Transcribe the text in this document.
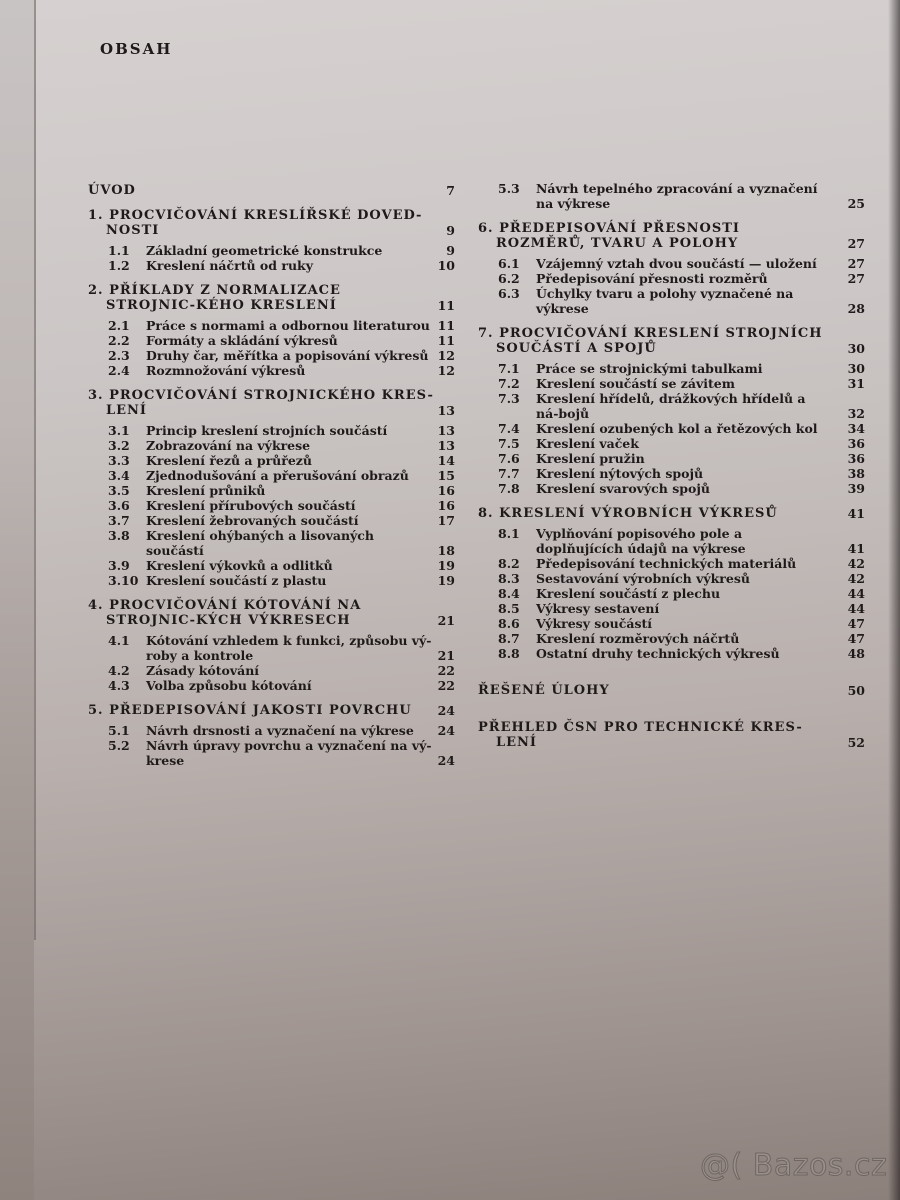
OBSAH
ÚVOD	7
1. PROCVIČOVÁNÍ KRESLÍŘSKÉ DOVED-NOSTI	9
1.1 Základní geometrické konstrukce	9
1.2 Kreslení náčrtů od ruky	10
2. PŘÍKLADY Z NORMALIZACE STROJNIC-KÉHO KRESLENÍ	11
2.1 Práce s normami a odbornou literaturou 11
2.2 Formáty a skládání výkresů	11
2.3 Druhy čar, měřítka a popisování výkresů 12
2.4 Rozmnožování výkresů	12
3. PROCVIČOVÁNÍ STROJNICKÉHO KRES-LENÍ	13
3.1 Princip kreslení strojních součástí	13
3.2 Zobrazování na výkrese	13
3.3 Kreslení řezů a průřezů	14
3.4 Zjednodušování a přerušování obrazů	15
3.5 Kreslení průniků	16
3.6 Kreslení přírubových součástí	16
3.7 Kreslení žebrovaných součástí	17
3.8 Kreslení ohýbaných a lisovaných součástí	18
3.9 Kreslení výkovků a odlitků	19
3.10 Kreslení součástí z plastu	19
4. PROCVIČOVÁNÍ KÓTOVÁNÍ NA STROJNIC-KÝCH VÝKRESECH	21
4.1 Kótování vzhledem k funkci, způsobu vý-roby a kontrole	21
4.2 Zásady kótování	22
4.3 Volba způsobu kótování	22
5. PŘEDEPISOVÁNÍ JAKOSTI POVRCHU	24
5.1 Návrh drsnosti a vyznačení na výkrese	24
5.2 Návrh úpravy povrchu a vyznačení na vý-krese	24
5.3 Návrh tepelného zpracování a vyznačení na výkrese	25
6. PŘEDEPISOVÁNÍ PŘESNOSTI ROZMĚRŮ, TVARU A POLOHY	27
6.1 Vzájemný vztah dvou součástí — uložení	27
6.2 Předepisování přesnosti rozměrů	27
6.3 Úchylky tvaru a polohy vyznačené na výkrese	28
7. PROCVIČOVÁNÍ KRESLENÍ STROJNÍCH SOUČÁSTÍ A SPOJŮ	30
7.1 Práce se strojnickými tabulkami	30
7.2 Kreslení součástí se závitem	31
7.3 Kreslení hřídelů, drážkových hřídelů a ná-bojů	32
7.4 Kreslení ozubených kol a řetězových kol	34
7.5 Kreslení vaček	36
7.6 Kreslení pružin	36
7.7 Kreslení nýtových spojů	38
7.8 Kreslení svarových spojů	39
8. KRESLENÍ VÝROBNÍCH VÝKRESŮ	41
8.1 Vyplňování popisového pole a doplňujících údajů na výkrese	41
8.2 Předepisování technických materiálů	42
8.3 Sestavování výrobních výkresů	42
8.4 Kreslení součástí z plechu	44
8.5 Výkresy sestavení	44
8.6 Výkresy součástí	47
8.7 Kreslení rozměrových náčrtů	47
8.8 Ostatní druhy technických výkresů	48
ŘEŠENÉ ÚLOHY	50
PŘEHLED ČSN PRO TECHNICKÉ KRES-LENÍ	52
@( Bazos.cz
